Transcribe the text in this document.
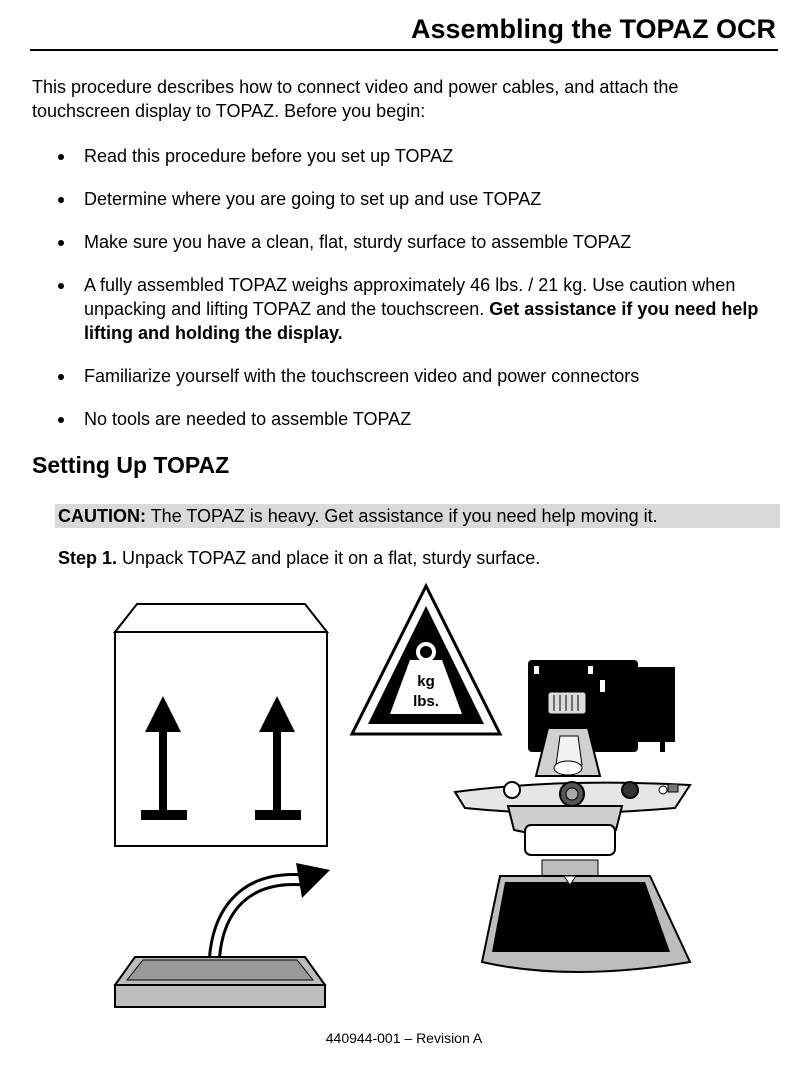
Assembling the TOPAZ OCR

This procedure describes how to connect video and power cables, and attach the touchscreen display to TOPAZ. Before you begin:

Read this procedure before you set up TOPAZ
Determine where you are going to set up and use TOPAZ
Make sure you have a clean, flat, sturdy surface to assemble TOPAZ
A fully assembled TOPAZ weighs approximately 46 lbs. / 21 kg. Use caution when unpacking and lifting TOPAZ and the touchscreen. Get assistance if you need help lifting and holding the display.
Familiarize yourself with the touchscreen video and power connectors
No tools are needed to assemble TOPAZ
Setting Up TOPAZ
CAUTION: The TOPAZ is heavy. Get assistance if you need help moving it.

Step 1. Unpack TOPAZ and place it on a flat, sturdy surface.

kg
lbs.
440944-001 – Revision A
